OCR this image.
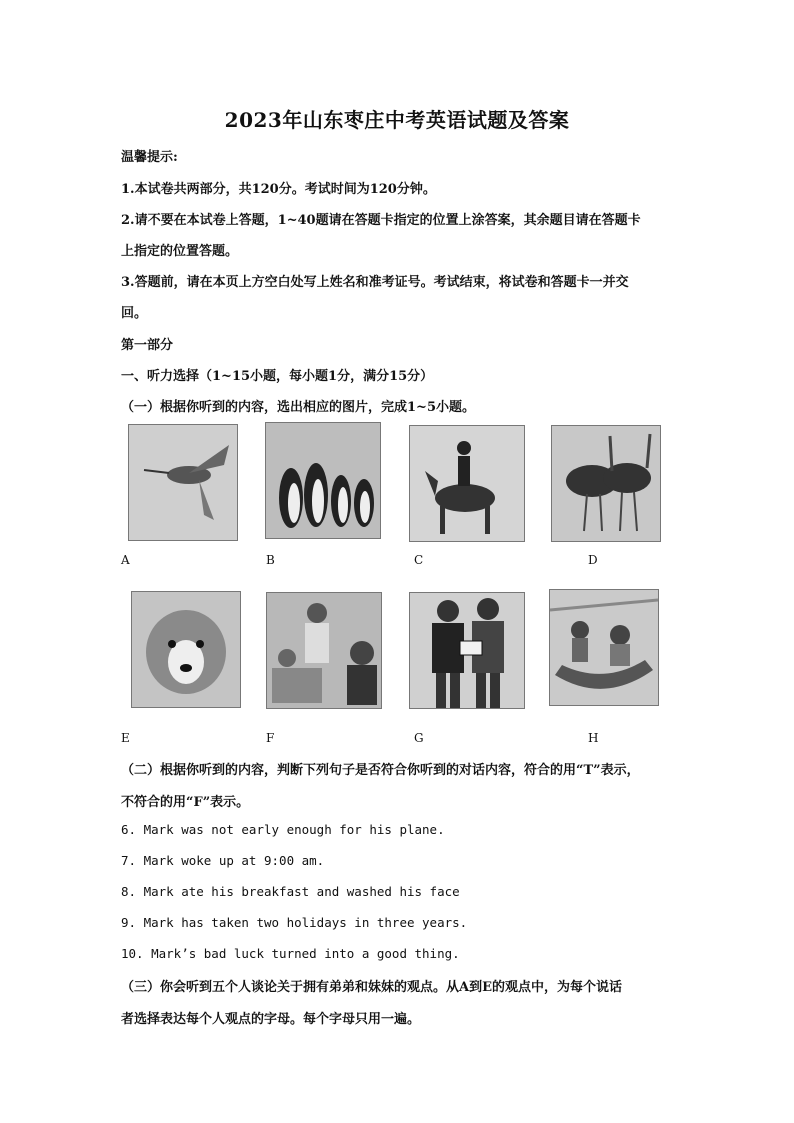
2023年山东枣庄中考英语试题及答案
温馨提示:
1.本试卷共两部分，共120分。考试时间为120分钟。
2.请不要在本试卷上答题，1~40题请在答题卡指定的位置上涂答案，其余题目请在答题卡
上指定的位置答题。
3.答题前，请在本页上方空白处写上姓名和准考证号。考试结束，将试卷和答题卡一并交
回。
第一部分
一、听力选择（1~15小题，每小题1分，满分15分）
（一）根据你听到的内容，选出相应的图片，完成1~5小题。
A	B	C	D
E	F	G	H
（二）根据你听到的内容，判断下列句子是否符合你听到的对话内容，符合的用“T”表示，
不符合的用“F”表示。
6. Mark was not early enough for his plane.
7. Mark woke up at 9:00 am.
8. Mark ate his breakfast and washed his face
9. Mark has taken two holidays in three years.
10. Mark’s bad luck turned into a good thing.
（三）你会听到五个人谈论关于拥有弟弟和妹妹的观点。从A到E的观点中，为每个说话
者选择表达每个人观点的字母。每个字母只用一遍。
